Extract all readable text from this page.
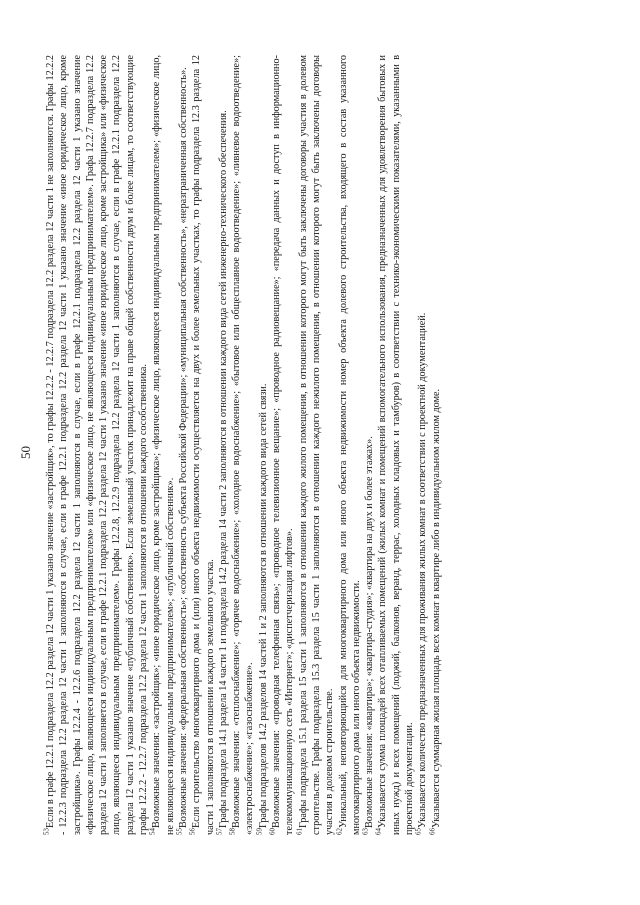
50

$^{53}$Если в графе 12.2.1 подраздела 12.2 раздела 12 части 1 указано значение «застройщик», то графы 12.2.2 - 12.2.7 подраздела 12.2 раздела 12 части 1 не заполняются. Графы 12.2.2 - 12.2.3 подраздела 12.2 раздела 12 части 1 заполняются в случае, если в графе 12.2.1 подраздела 12.2 раздела 12 части 1 указано значение «иное юридическое лицо, кроме застройщика». Графы 12.2.4 - 12.2.6 подраздела 12.2 раздела 12 части 1 заполняются в случае, если в графе 12.2.1 подраздела 12.2 раздела 12 части 1 указано значение «физическое лицо, являющееся индивидуальным предпринимателем» или «физическое лицо, не являющееся индивидуальным предпринимателем». Графа 12.2.7 подраздела 12.2 раздела 12 части 1 заполняется в случае, если в графе 12.2.1 подраздела 12.2 раздела 12 части 1 указано значение «иное юридическое лицо, кроме застройщика» или «физическое лицо, являющееся индивидуальным предпринимателем». Графы 12.2.8, 12.2.9 подраздела 12.2 раздела 12 части 1 заполняются в случае, если в графе 12.2.1 подраздела 12.2 раздела 12 части 1 указано значение «публичный собственник». Если земельный участок принадлежит на праве общей собственности двум и более лицам, то соответствующие графы 12.2.2 - 12.2.7 подраздела 12.2 раздела 12 части 1 заполняются в отношении каждого сособственника. $^{54}$Возможные значения: «застройщик»; «иное юридическое лицо, кроме застройщика»; «физическое лицо, являющееся индивидуальным предпринимателем»; «физическое лицо, не являющееся индивидуальным предпринимателем»; «публичный собственник». $^{55}$Возможные значения: «федеральная собственность»; «собственность субъекта Российской Федерации»; «муниципальная собственность», «неразграниченная собственность».

$^{56}$Если строительство многоквартирного дома и (или) иного объекта недвижимости осуществляется на двух и более земельных участках, то графы подраздела 12.3 раздела 12 части 1 заполняются в отношении каждого земельного участка. $^{57}$Графы подраздела 14.1 раздела 14 части 1 и подраздела 14.2 раздела 14 части 2 заполняются в отношении каждого вида сетей инженерно-технического обеспечения.

$^{58}$Возможные значения: «теплоснабжение»; «горячее водоснабжение»; «холодное водоснабжение»; «бытовое или общесплавное водоотведение»; «ливневое водоотведение»; «электроснабжение»; «газоснабжение». $^{59}$Графы подразделов 14.2 разделов 14 частей 1 и 2 заполняются в отношении каждого вида сетей связи.

$^{60}$Возможные значения: «проводная телефонная связь»; «проводное телевизионное вещание»; «проводное радиовещание»; «передача данных и доступ в информационно-телекоммуникационную сеть «Интернет»; «диспетчеризация лифтов». $^{61}$Графы подраздела 15.1 раздела 15 части 1 заполняются в отношении каждого жилого помещения, в отношении которого могут быть заключены договоры участия в долевом строительстве. Графы подраздела 15.3 раздела 15 части 1 заполняются в отношении каждого нежилого помещения, в отношении которого могут быть заключены договоры участия в долевом строительстве. $^{62}$Уникальный, неповторяющийся для многоквартирного дома или иного объекта недвижимости номер объекта долевого строительства, входящего в состав указанного многоквартирного дома или иного объекта недвижимости. $^{63}$Возможные значения: «квартира»; «квартира-студия»; «квартира на двух и более этажах».

$^{64}$Указывается сумма площадей всех отапливаемых помещений (жилых комнат и помещений вспомогательного использования, предназначенных для удовлетворения бытовых и иных нужд) и всех помещений (лоджий, балконов, веранд, террас, холодных кладовых и тамбуров) в соответствии с технико-экономическими показателями, указанными в проектной документации. $^{65}$Указывается количество предназначенных для проживания жилых комнат в соответствии с проектной документацией.

$^{66}$Указывается суммарная жилая площадь всех комнат в квартире либо в индивидуальном жилом доме.
